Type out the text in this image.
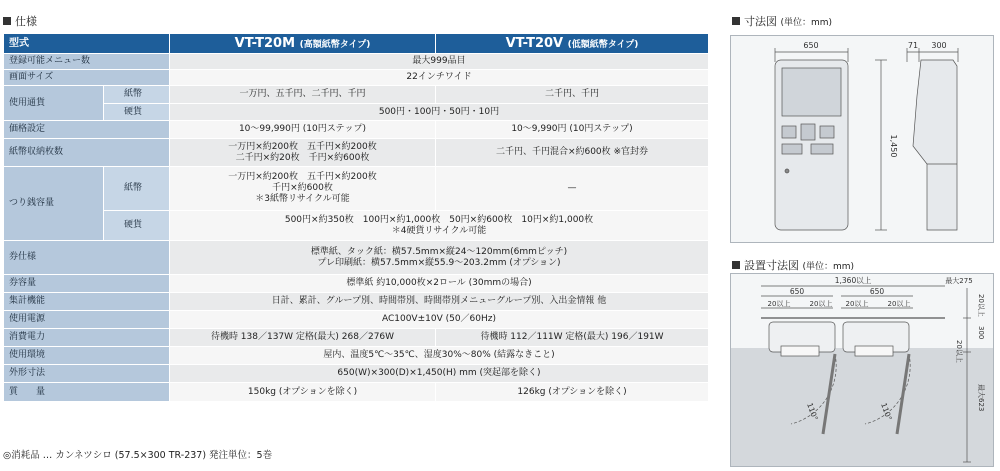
仕様
型式		VT-T20M (高額紙幣タイプ)	VT-T20V (低額紙幣タイプ)
登録可能メニュー数		最大999品目	
画面サイズ		22インチワイド	
使用通貨	紙幣	一万円、五千円、二千円、千円	二千円、千円
	硬貨	500円・100円・50円・10円	
価格設定		10～99,990円 (10円ステップ)	10～9,990円 (10円ステップ)
紙幣収納枚数		一万円×約200枚　五千円×約200枚
二千円×約20枚　千円×約600枚	二千円、千円混合×約600枚 ※官封券
つり銭容量	紙幣	一万円×約200枚　五千円×約200枚
千円×約600枚
＊3紙幣リサイクル可能	—
	硬貨	500円×約350枚　100円×約1,000枚　50円×約600枚　10円×約1,000枚
＊4硬貨リサイクル可能	

券仕様		標準紙、タック紙：横57.5mm×縦24～120mm(6mmピッチ)
プレ印刷紙：横57.5mm×縦55.9～203.2mm (オプション)	

券容量		標準紙 約10,000枚×2ロール (30mmの場合)	
集計機能		日計、累計、グループ別、時間帯別、時間帯別メニューグループ別、入出金情報 他	
使用電源		AC100V±10V (50／60Hz)	
消費電力		待機時 138／137W 定格(最大) 268／276W	待機時 112／111W 定格(最大) 196／191W
使用環境		屋内、温度5℃～35℃、湿度30%～80% (結露なきこと)	
外形寸法		650(W)×300(D)×1,450(H) mm (突起部を除く)	
質　　量		150kg (オプションを除く)	126kg (オプションを除く)
◎消耗品 … カンネツシロ (57.5×300 TR-237) 発注単位：5巻
寸法図 (単位：mm)
650	71 300
1,450
設置寸法図 (単位：mm)
1,360以上	最大275
650	650
20以上	20以上 20以上	20以上	20以上
300
20以上
最大623
110°	110°
